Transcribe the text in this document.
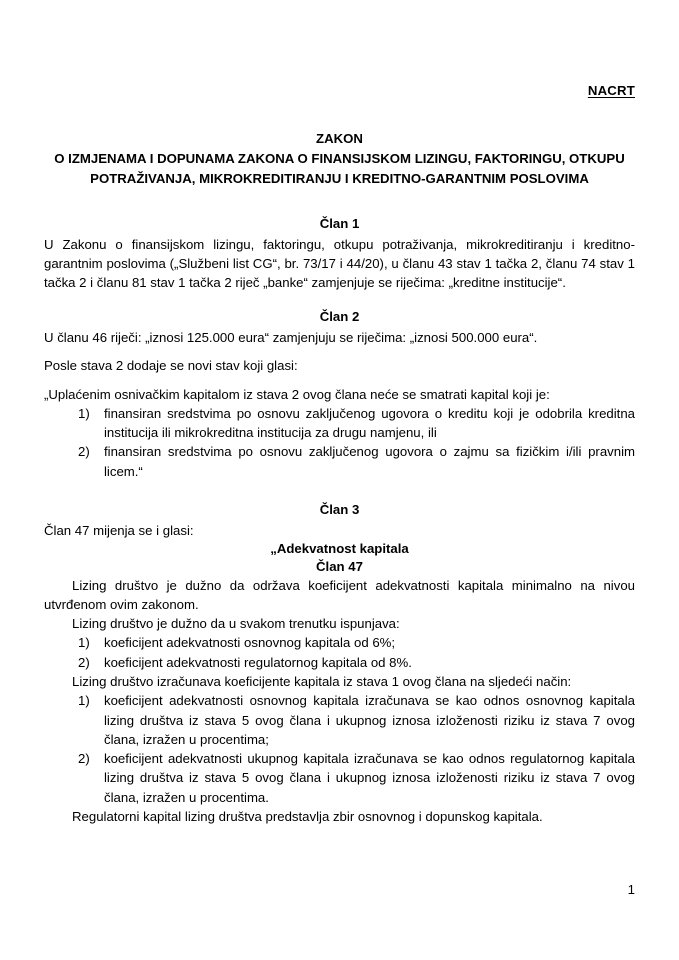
NACRT
ZAKON
O IZMJENAMA I DOPUNAMA ZAKONA O FINANSIJSKOM LIZINGU, FAKTORINGU, OTKUPU POTRAŽIVANJA, MIKROKREDITIRANJU I KREDITNO-GARANTNIM POSLOVIMA
Član 1

U Zakonu o finansijskom lizingu, faktoringu, otkupu potraživanja, mikrokreditiranju i kreditno-garantnim poslovima („Službeni list CG“, br. 73/17 i 44/20), u članu 43 stav 1 tačka 2, članu 74 stav 1 tačka 2 i članu 81 stav 1 tačka 2 riječ „banke“ zamjenjuje se riječima: „kreditne institucije“.

Član 2

U članu 46 riječi: „iznosi 125.000 eura“ zamjenjuju se riječima: „iznosi 500.000 eura“.

Posle stava 2 dodaje se novi stav koji glasi:

„Uplaćenim osnivačkim kapitalom iz stava 2 ovog člana neće se smatrati kapital koji je:

1)	finansiran sredstvima po osnovu zaključenog ugovora o kreditu koji je odobrila kreditna institucija ili mikrokreditna institucija za drugu namjenu, ili
2)	finansiran sredstvima po osnovu zaključenog ugovora o zajmu sa fizičkim i/ili pravnim licem.“
Član 3

Član 47 mijenja se i glasi:

„Adekvatnost kapitala
Član 47

Lizing društvo je dužno da održava koeficijent adekvatnosti kapitala minimalno na nivou utvrđenom ovim zakonom.

Lizing društvo je dužno da u svakom trenutku ispunjava:

1)	koeficijent adekvatnosti osnovnog kapitala od 6%;
2)	koeficijent adekvatnosti regulatornog kapitala od 8%.

Lizing društvo izračunava koeficijente kapitala iz stava 1 ovog člana na sljedeći način:

1)	koeficijent adekvatnosti osnovnog kapitala izračunava se kao odnos osnovnog kapitala lizing društva iz stava 5 ovog člana i ukupnog iznosa izloženosti riziku iz stava 7 ovog člana, izražen u procentima;
2)	koeficijent adekvatnosti ukupnog kapitala izračunava se kao odnos regulatornog kapitala lizing društva iz stava 5 ovog člana i ukupnog iznosa izloženosti riziku iz stava 7 ovog člana, izražen u procentima.

Regulatorni kapital lizing društva predstavlja zbir osnovnog i dopunskog kapitala.

1
